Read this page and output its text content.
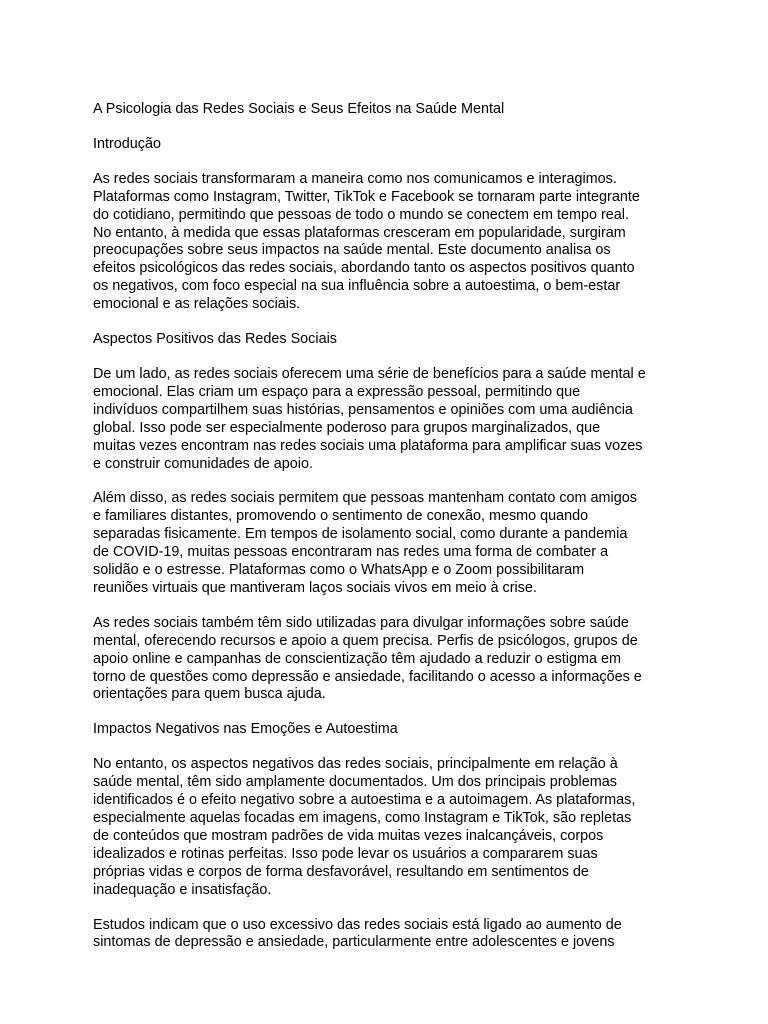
A Psicologia das Redes Sociais e Seus Efeitos na Saúde Mental
Introdução
As redes sociais transformaram a maneira como nos comunicamos e interagimos.
Plataformas como Instagram, Twitter, TikTok e Facebook se tornaram parte integrante
do cotidiano, permitindo que pessoas de todo o mundo se conectem em tempo real.
No entanto, à medida que essas plataformas cresceram em popularidade, surgiram
preocupações sobre seus impactos na saúde mental. Este documento analisa os
efeitos psicológicos das redes sociais, abordando tanto os aspectos positivos quanto
os negativos, com foco especial na sua influência sobre a autoestima, o bem-estar
emocional e as relações sociais.
Aspectos Positivos das Redes Sociais
De um lado, as redes sociais oferecem uma série de benefícios para a saúde mental e
emocional. Elas criam um espaço para a expressão pessoal, permitindo que
indivíduos compartilhem suas histórias, pensamentos e opiniões com uma audiência
global. Isso pode ser especialmente poderoso para grupos marginalizados, que
muitas vezes encontram nas redes sociais uma plataforma para amplificar suas vozes
e construir comunidades de apoio.
Além disso, as redes sociais permitem que pessoas mantenham contato com amigos
e familiares distantes, promovendo o sentimento de conexão, mesmo quando
separadas fisicamente. Em tempos de isolamento social, como durante a pandemia
de COVID-19, muitas pessoas encontraram nas redes uma forma de combater a
solidão e o estresse. Plataformas como o WhatsApp e o Zoom possibilitaram
reuniões virtuais que mantiveram laços sociais vivos em meio à crise.
As redes sociais também têm sido utilizadas para divulgar informações sobre saúde
mental, oferecendo recursos e apoio a quem precisa. Perfis de psicólogos, grupos de
apoio online e campanhas de conscientização têm ajudado a reduzir o estigma em
torno de questões como depressão e ansiedade, facilitando o acesso a informações e
orientações para quem busca ajuda.
Impactos Negativos nas Emoções e Autoestima
No entanto, os aspectos negativos das redes sociais, principalmente em relação à
saúde mental, têm sido amplamente documentados. Um dos principais problemas
identificados é o efeito negativo sobre a autoestima e a autoimagem. As plataformas,
especialmente aquelas focadas em imagens, como Instagram e TikTok, são repletas
de conteúdos que mostram padrões de vida muitas vezes inalcançáveis, corpos
idealizados e rotinas perfeitas. Isso pode levar os usuários a compararem suas
próprias vidas e corpos de forma desfavorável, resultando em sentimentos de
inadequação e insatisfação.
Estudos indicam que o uso excessivo das redes sociais está ligado ao aumento de
sintomas de depressão e ansiedade, particularmente entre adolescentes e jovens
